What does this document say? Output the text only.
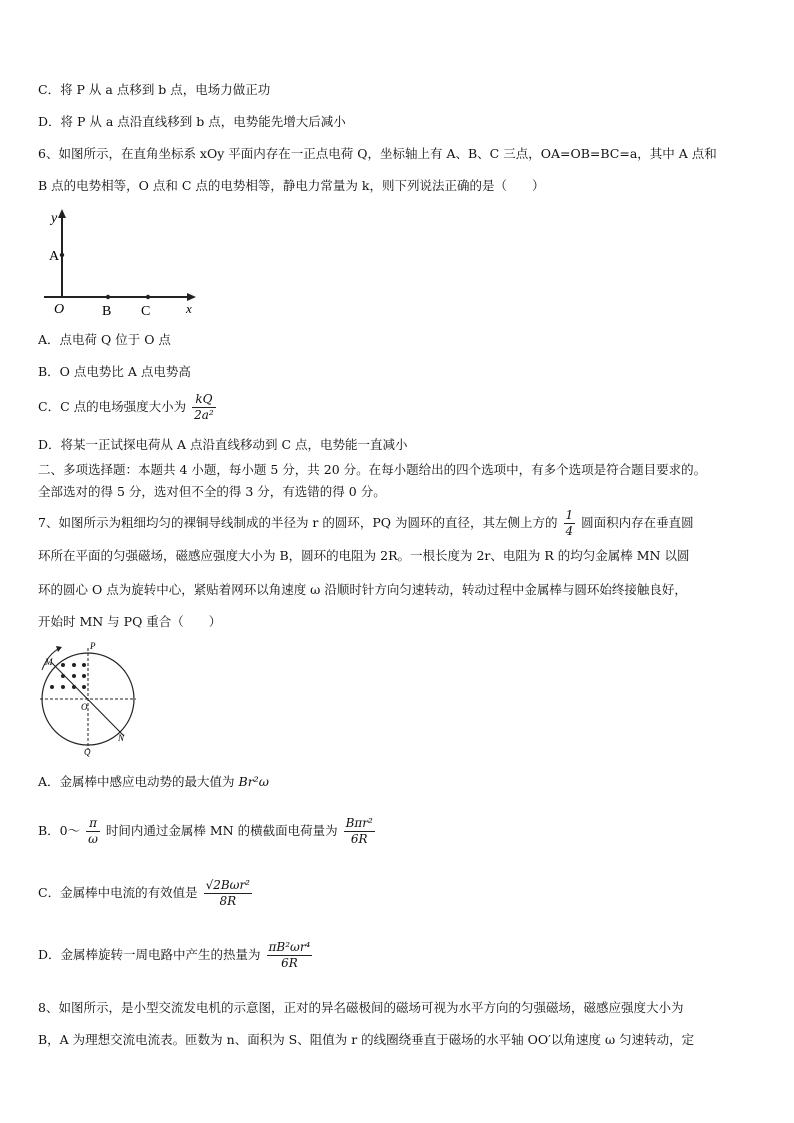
C．将 P 从 a 点移到 b 点，电场力做正功
D．将 P 从 a 点沿直线移到 b 点，电势能先增大后减小
6、如图所示，在直角坐标系 xOy 平面内存在一正点电荷 Q，坐标轴上有 A、B、C 三点，OA=OB=BC=a，其中 A 点和
B 点的电势相等，O 点和 C 点的电势相等，静电力常量为 k，则下列说法正确的是（　　）
y
A
O	B C	x
A．点电荷 Q 位于 O 点
B．O 点电势比 A 点电势高
C．C 点的电场强度大小为 $\frac{kQ}{\text{2a²}}$
D．将某一正试探电荷从 A 点沿直线移动到 C 点，电势能一直减小
二、多项选择题：本题共 4 小题，每小题 5 分，共 20 分。在每小题给出的四个选项中，有多个选项是符合题目要求的。
全部选对的得 5 分，选对但不全的得 3 分，有选错的得 0 分。
7、如图所示为粗细均匀的裸铜导线制成的半径为 r 的圆环，PQ 为圆环的直径，其左侧上方的 $\frac{1}{4}$ 圆面积内存在垂直圆
环所在平面的匀强磁场，磁感应强度大小为 B，圆环的电阻为 2R。一根长度为 2r、电阻为 R 的均匀金属棒 MN 以圆
环的圆心 O 点为旋转中心，紧贴着网环以角速度 ω 沿顺时针方向匀速转动，转动过程中金属棒与圆环始终接触良好，
开始时 MN 与 PQ 重合（　　）
P
M
O
N
Q
A．金属棒中感应电动势的最大值为 Br²ω
B．0～ $\frac{\pi}{\omega}$ 时间内通过金属棒 MN 的横截面电荷量为 $\frac{\text{Bπr²}}{6R}$
C．金属棒中电流的有效值是 $\frac{\text{√2Bωr²}}{8R}$
D．金属棒旋转一周电路中产生的热量为 $\frac{\text{πB²ωr⁴}}{6R}$
8、如图所示，是小型交流发电机的示意图，正对的异名磁极间的磁场可视为水平方向的匀强磁场，磁感应强度大小为
B，A 为理想交流电流表。匝数为 n、面积为 S、阻值为 r 的线圈绕垂直于磁场的水平轴 OO′以角速度 ω 匀速转动，定
